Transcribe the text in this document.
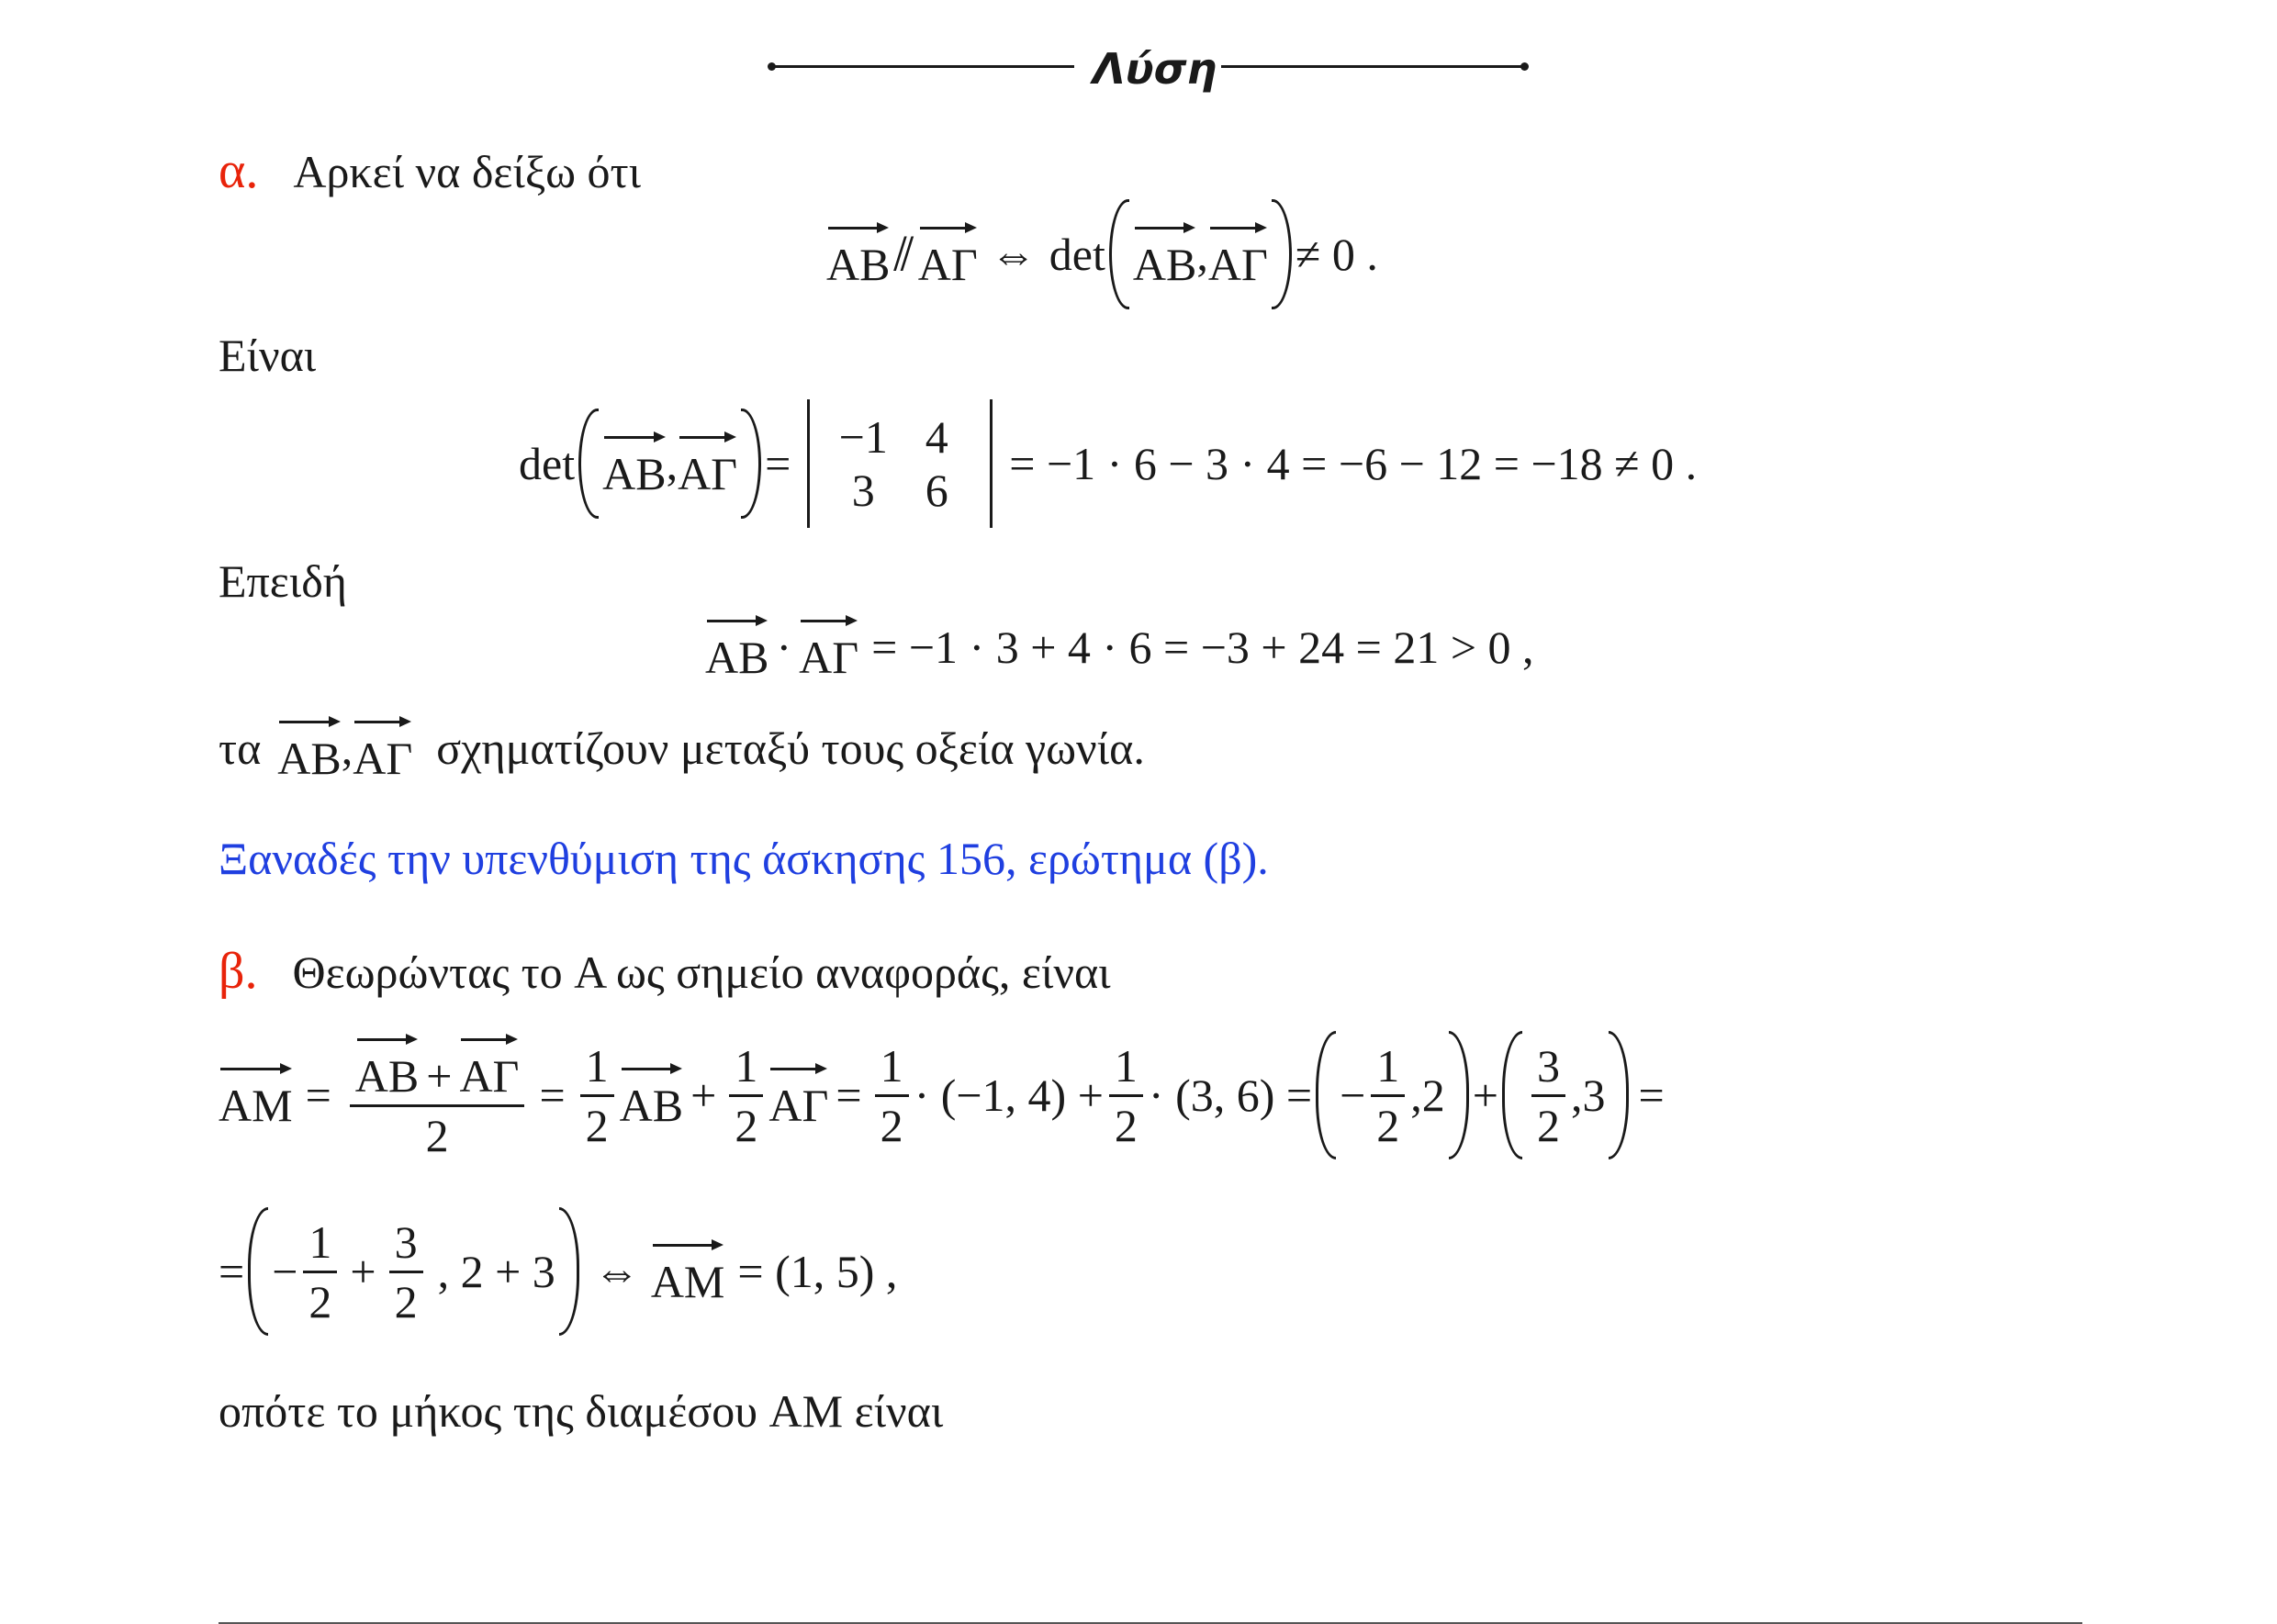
Λύση
α. Αρκεί να δείξω ότι
AB ⫽ AΓ ⇔ det AB , AΓ ≠ 0 .
Είναι
det AB , AΓ =
−1 4
3	6
= −1 · 6 − 3 · 4 = −6 − 12 = −18 ≠ 0 .
Επειδή
AB · AΓ = −1 · 3 + 4 · 6 = −3 + 24 = 21 > 0 ,
τα AB , AΓ σχηματίζουν μεταξύ τους οξεία γωνία.
Ξαναδές την υπενθύμιση της άσκησης 156, ερώτημα (β).
β. Θεωρώντας το A ως σημείο αναφοράς, είναι
AM = $\frac{AB + A\Gamma}{2} = \frac{1}{2}$ AB + $\frac{1}{2}$ $A\Gamma = \frac{1}{2} \cdot (-1$, $4) + \frac{1}{2} \cdot (3$, 6) = − $\frac{1}{2}$ , $2 + \frac{3}{2}$ , 3 =
= − $\frac{1}{2} + \frac{3}{2}$ , 2 + 3 ⇔ AM = (1, 5) ,
οπότε το μήκος της διαμέσου AM είναι
